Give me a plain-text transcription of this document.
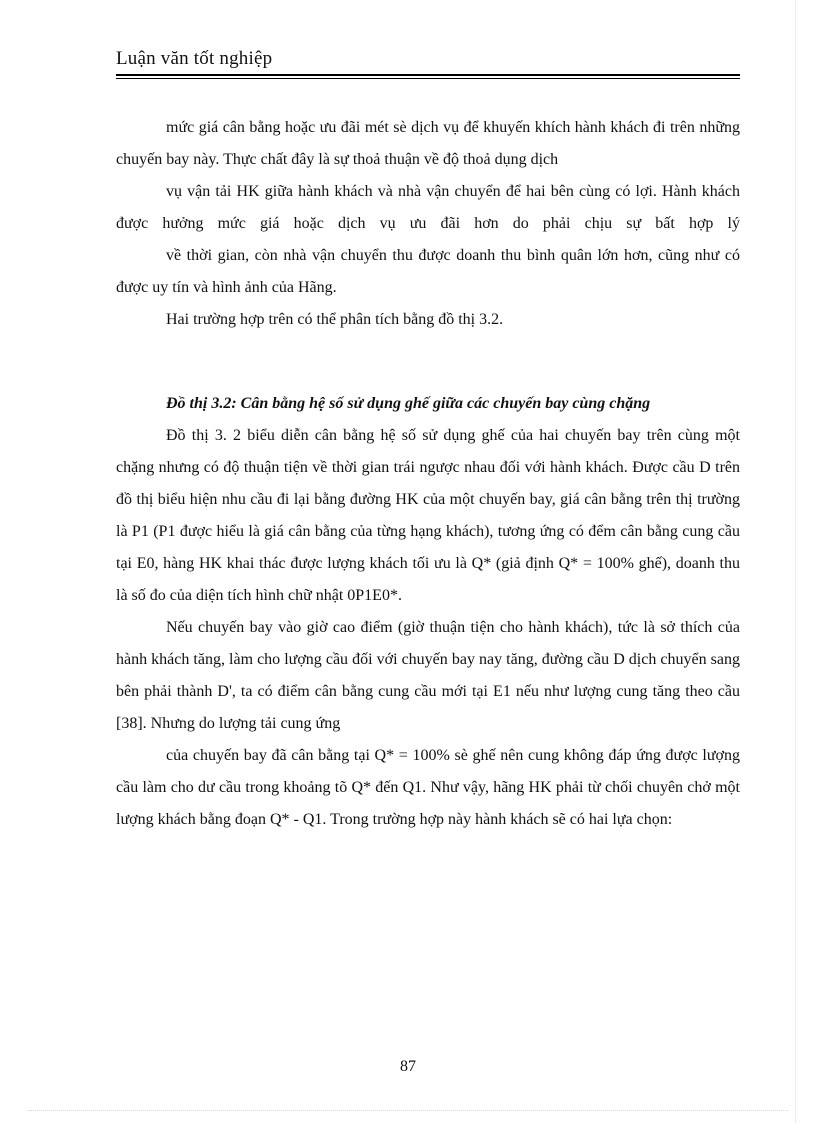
Luận văn tốt nghiệp

mức giá cân bằng hoặc ưu đãi mét sè dịch vụ để khuyến khích hành khách đi trên những chuyến bay này. Thực chất đây là sự thoả thuận về độ thoả dụng dịch

vụ vận tải HK giữa hành khách và nhà vận chuyển để hai bên cùng có lợi. Hành khách được hưởng mức giá hoặc dịch vụ ưu đãi hơn do phải chịu sự bất hợp lý

về thời gian, còn nhà vận chuyển thu được doanh thu bình quân lớn hơn, cũng như có được uy tín và hình ảnh của Hãng.

Hai trường hợp trên có thể phân tích bằng đồ thị 3.2.

Đồ thị 3.2: Cân bằng hệ số sử dụng ghế giữa các chuyến bay cùng chặng

Đồ thị 3. 2 biểu diễn cân bằng hệ số sử dụng ghế của hai chuyến bay trên cùng một chặng nhưng có độ thuận tiện về thời gian trái ngược nhau đối với hành khách. Được cầu D trên đồ thị biểu hiện nhu cầu đi lại bằng đường HK của một chuyến bay, giá cân bằng trên thị trường là P1 (P1 được hiểu là giá cân bằng của từng hạng khách), tương ứng có đểm cân bằng cung cầu tại E0, hàng HK khai thác được lượng khách tối ưu là Q* (giả định Q* = 100% ghế), doanh thu là số đo của diện tích hình chữ nhật 0P1E0*.

Nếu chuyến bay vào giờ cao điểm (giờ thuận tiện cho hành khách), tức là sở thích của hành khách tăng, làm cho lượng cầu đối với chuyến bay nay tăng, đường cầu D dịch chuyển sang bên phải thành D', ta có điểm cân bằng cung cầu mới tại E1 nếu như lượng cung tăng theo cầu [38]. Nhưng do lượng tải cung ứng

của chuyến bay đã cân bằng tại Q* = 100% sè ghế nên cung không đáp ứng được lượng cầu làm cho dư cầu trong khoảng tõ Q* đến Q1. Như vậy, hãng HK phải từ chối chuyên chở một lượng khách bằng đoạn Q* - Q1. Trong trường hợp này hành khách sẽ có hai lựa chọn:

87
